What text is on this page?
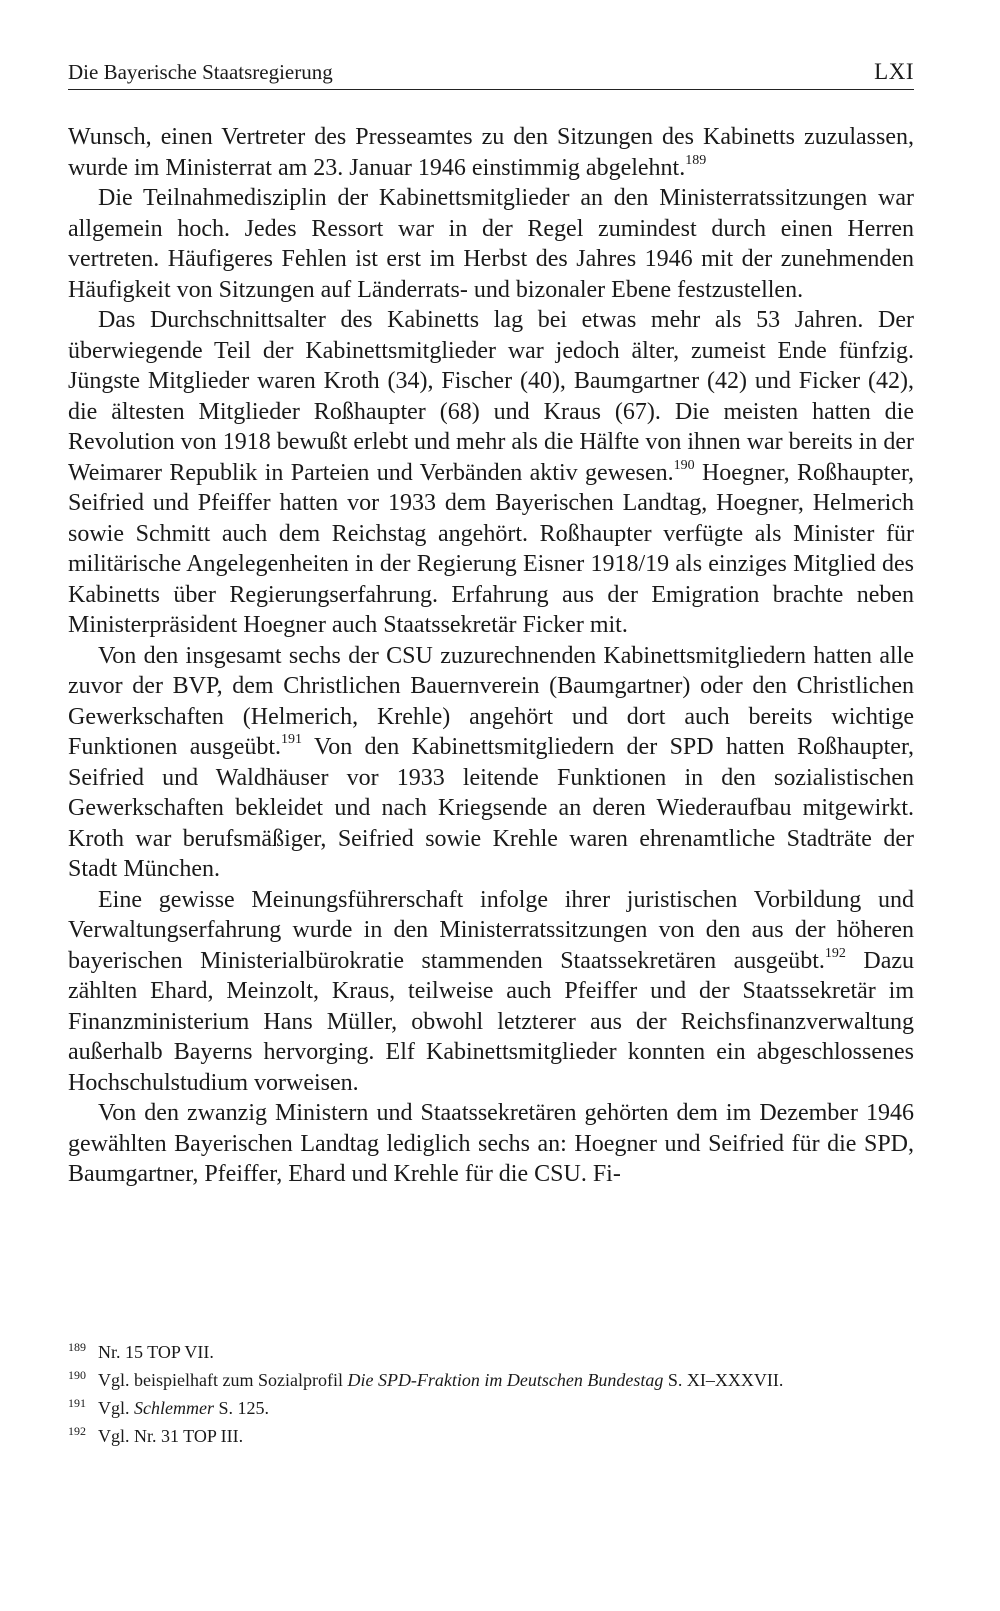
Die Bayerische Staatsregierung	LXI

Wunsch, einen Vertreter des Presseamtes zu den Sitzungen des Kabinetts zuzulassen, wurde im Ministerrat am 23. Januar 1946 einstimmig abgelehnt.$^{189}$

Die Teilnahmedisziplin der Kabinettsmitglieder an den Ministerratssitzungen war allgemein hoch. Jedes Ressort war in der Regel zumindest durch einen Herren vertreten. Häufigeres Fehlen ist erst im Herbst des Jahres 1946 mit der zunehmenden Häufigkeit von Sitzungen auf Länderrats- und bizonaler Ebene festzustellen.

Das Durchschnittsalter des Kabinetts lag bei etwas mehr als 53 Jahren. Der überwiegende Teil der Kabinettsmitglieder war jedoch älter, zumeist Ende fünfzig. Jüngste Mitglieder waren Kroth (34), Fischer (40), Baumgartner (42) und Ficker (42), die ältesten Mitglieder Roßhaupter (68) und Kraus (67). Die meisten hatten die Revolution von 1918 bewußt erlebt und mehr als die Hälfte von ihnen war bereits in der Weimarer Republik in Parteien und Verbänden aktiv gewesen.$^{190}$ Hoegner, Roßhaupter, Seifried und Pfeiffer hatten vor 1933 dem Bayerischen Landtag, Hoegner, Helmerich sowie Schmitt auch dem Reichstag angehört. Roßhaupter verfügte als Minister für militärische Angelegenheiten in der Regierung Eisner 1918/19 als einziges Mitglied des Kabinetts über Regierungserfahrung. Erfahrung aus der Emigration brachte neben Ministerpräsident Hoegner auch Staatssekretär Ficker mit.

Von den insgesamt sechs der CSU zuzurechnenden Kabinettsmitgliedern hatten alle zuvor der BVP, dem Christlichen Bauernverein (Baumgartner) oder den Christlichen Gewerkschaften (Helmerich, Krehle) angehört und dort auch bereits wichtige Funktionen ausgeübt.$^{191}$ Von den Kabinettsmitgliedern der SPD hatten Roßhaupter, Seifried und Waldhäuser vor 1933 leitende Funktionen in den sozialistischen Gewerkschaften bekleidet und nach Kriegsende an deren Wiederaufbau mitgewirkt. Kroth war berufsmäßiger, Seifried sowie Krehle waren ehrenamtliche Stadträte der Stadt München.

Eine gewisse Meinungsführerschaft infolge ihrer juristischen Vorbildung und Verwaltungserfahrung wurde in den Ministerratssitzungen von den aus der höheren bayerischen Ministerialbürokratie stammenden Staatssekretären ausgeübt.$^{192}$ Dazu zählten Ehard, Meinzolt, Kraus, teilweise auch Pfeiffer und der Staatssekretär im Finanzministerium Hans Müller, obwohl letzterer aus der Reichsfinanzverwaltung außerhalb Bayerns hervorging. Elf Kabinettsmitglieder konnten ein abgeschlossenes Hochschulstudium vorweisen.

Von den zwanzig Ministern und Staatssekretären gehörten dem im Dezember 1946 gewählten Bayerischen Landtag lediglich sechs an: Hoegner und Seifried für die SPD, Baumgartner, Pfeiffer, Ehard und Krehle für die CSU. Fi-

189 Nr. 15 TOP VII.
190 Vgl. beispielhaft zum Sozialprofil Die SPD-Fraktion im Deutschen Bundestag S. XI–XXXVII.
191 Vgl. Schlemmer S. 125.
192 Vgl. Nr. 31 TOP III.
